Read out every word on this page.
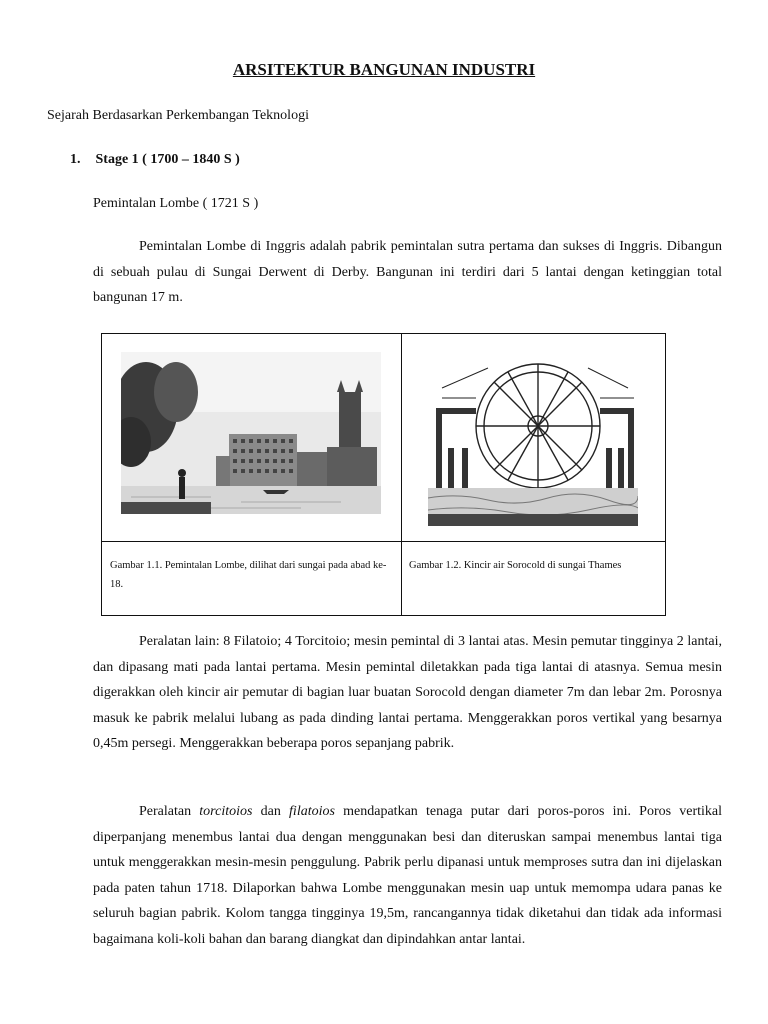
ARSITEKTUR BANGUNAN INDUSTRI
Sejarah Berdasarkan Perkembangan Teknologi
1. Stage 1 ( 1700 – 1840 S )
Pemintalan Lombe ( 1721 S )

Pemintalan Lombe di Inggris adalah pabrik pemintalan sutra pertama dan sukses di Inggris. Dibangun di sebuah pulau di Sungai Derwent di Derby. Bangunan ini terdiri dari 5 lantai dengan ketinggian total bangunan 17 m.

Gambar 1.1. Pemintalan Lombe, dilihat dari sungai pada abad ke-18.
Gambar 1.2. Kincir air Sorocold di sungai Thames

Peralatan lain: 8 Filatoio; 4 Torcitoio; mesin pemintal di 3 lantai atas. Mesin pemutar tingginya 2 lantai, dan dipasang mati pada lantai pertama. Mesin pemintal diletakkan pada tiga lantai di atasnya. Semua mesin digerakkan oleh kincir air pemutar di bagian luar buatan Sorocold dengan diameter 7m dan lebar 2m. Porosnya masuk ke pabrik melalui lubang as pada dinding lantai pertama. Menggerakkan poros vertikal yang besarnya 0,45m persegi. Menggerakkan beberapa poros sepanjang pabrik.

Peralatan torcitoios dan filatoios mendapatkan tenaga putar dari poros-poros ini. Poros vertikal diperpanjang menembus lantai dua dengan menggunakan besi dan diteruskan sampai menembus lantai tiga untuk menggerakkan mesin-mesin penggulung. Pabrik perlu dipanasi untuk memproses sutra dan ini dijelaskan pada paten tahun 1718. Dilaporkan bahwa Lombe menggunakan mesin uap untuk memompa udara panas ke seluruh bagian pabrik. Kolom tangga tingginya 19,5m, rancangannya tidak diketahui dan tidak ada informasi bagaimana koli-koli bahan dan barang diangkat dan dipindahkan antar lantai.
